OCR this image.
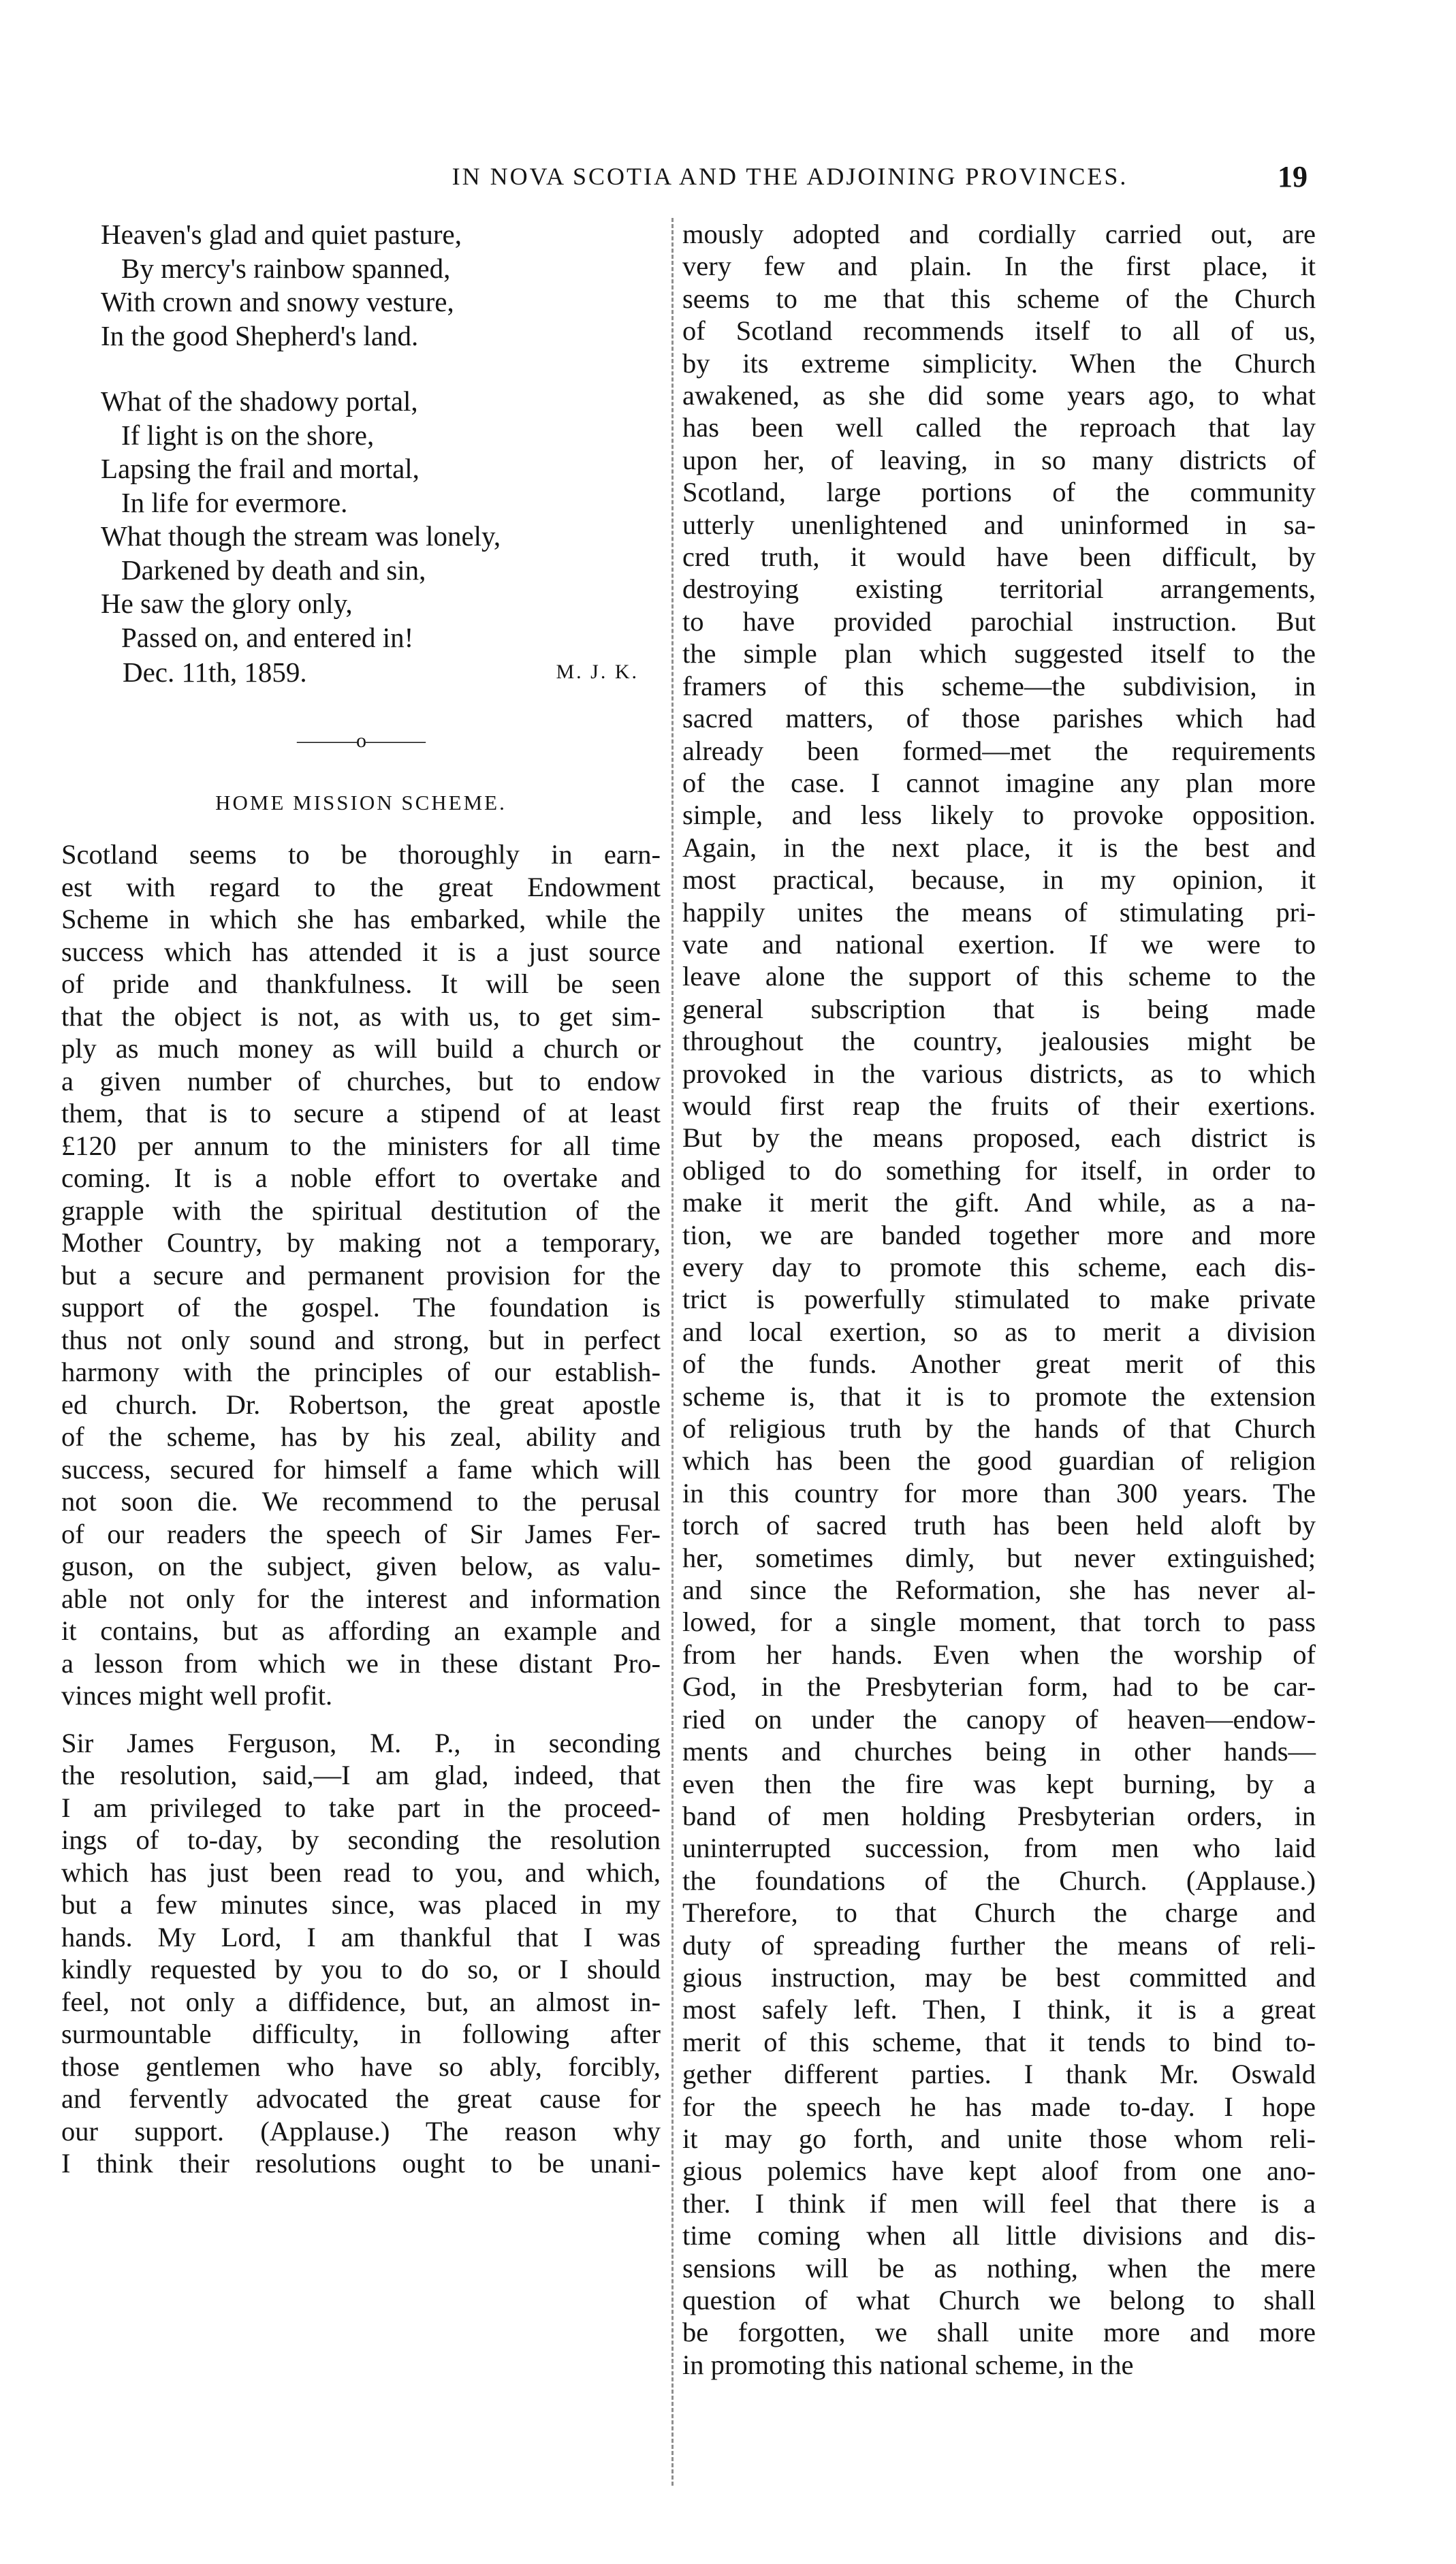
IN NOVA SCOTIA AND THE ADJOINING PROVINCES.	19
Heaven's glad and quiet pasture,
By mercy's rainbow spanned,
With crown and snowy vesture,
In the good Shepherd's land.
What of the shadowy portal,
If light is on the shore,
Lapsing the frail and mortal,
In life for evermore.
What though the stream was lonely,
Darkened by death and sin,
He saw the glory only,
Passed on, and entered in!
Dec. 11th, 1859.	M. J. K.
———o———
HOME MISSION SCHEME.
Scotland seems to be thoroughly in earn-
est with regard to the great Endowment
Scheme in which she has embarked, while the
success which has attended it is a just source
of pride and thankfulness. It will be seen
that the object is not, as with us, to get sim-
ply as much money as will build a church or
a given number of churches, but to endow
them, that is to secure a stipend of at least
£120 per annum to the ministers for all time
coming. It is a noble effort to overtake and
grapple with the spiritual destitution of the
Mother Country, by making not a temporary,
but a secure and permanent provision for the
support of the gospel. The foundation is
thus not only sound and strong, but in perfect
harmony with the principles of our establish-
ed church. Dr. Robertson, the great apostle
of the scheme, has by his zeal, ability and
success, secured for himself a fame which will
not soon die. We recommend to the perusal
of our readers the speech of Sir James Fer-
guson, on the subject, given below, as valu-
able not only for the interest and information
it contains, but as affording an example and
a lesson from which we in these distant Pro-
vinces might well profit.
Sir James Ferguson, M. P., in seconding
the resolution, said,—I am glad, indeed, that
I am privileged to take part in the proceed-
ings of to-day, by seconding the resolution
which has just been read to you, and which,
but a few minutes since, was placed in my
hands. My Lord, I am thankful that I was
kindly requested by you to do so, or I should
feel, not only a diffidence, but, an almost in-
surmountable difficulty, in following after
those gentlemen who have so ably, forcibly,
and fervently advocated the great cause for
our support. (Applause.) The reason why
I think their resolutions ought to be unani-
mously adopted and cordially carried out, are
very few and plain. In the first place, it
seems to me that this scheme of the Church
of Scotland recommends itself to all of us,
by its extreme simplicity. When the Church
awakened, as she did some years ago, to what
has been well called the reproach that lay
upon her, of leaving, in so many districts of
Scotland, large portions of the community
utterly unenlightened and uninformed in sa-
cred truth, it would have been difficult, by
destroying existing territorial arrangements,
to have provided parochial instruction. But
the simple plan which suggested itself to the
framers of this scheme—the subdivision, in
sacred matters, of those parishes which had
already been formed—met the requirements
of the case. I cannot imagine any plan more
simple, and less likely to provoke opposition.
Again, in the next place, it is the best and
most practical, because, in my opinion, it
happily unites the means of stimulating pri-
vate and national exertion. If we were to
leave alone the support of this scheme to the
general subscription that is being made
throughout the country, jealousies might be
provoked in the various districts, as to which
would first reap the fruits of their exertions.
But by the means proposed, each district is
obliged to do something for itself, in order to
make it merit the gift. And while, as a na-
tion, we are banded together more and more
every day to promote this scheme, each dis-
trict is powerfully stimulated to make private
and local exertion, so as to merit a division
of the funds. Another great merit of this
scheme is, that it is to promote the extension
of religious truth by the hands of that Church
which has been the good guardian of religion
in this country for more than 300 years. The
torch of sacred truth has been held aloft by
her, sometimes dimly, but never extinguished;
and since the Reformation, she has never al-
lowed, for a single moment, that torch to pass
from her hands. Even when the worship of
God, in the Presbyterian form, had to be car-
ried on under the canopy of heaven—endow-
ments and churches being in other hands—
even then the fire was kept burning, by a
band of men holding Presbyterian orders, in
uninterrupted succession, from men who laid
the foundations of the Church. (Applause.)
Therefore, to that Church the charge and
duty of spreading further the means of reli-
gious instruction, may be best committed and
most safely left. Then, I think, it is a great
merit of this scheme, that it tends to bind to-
gether different parties. I thank Mr. Oswald
for the speech he has made to-day. I hope
it may go forth, and unite those whom reli-
gious polemics have kept aloof from one ano-
ther. I think if men will feel that there is a
time coming when all little divisions and dis-
sensions will be as nothing, when the mere
question of what Church we belong to shall
be forgotten, we shall unite more and more
in promoting this national scheme, in the
